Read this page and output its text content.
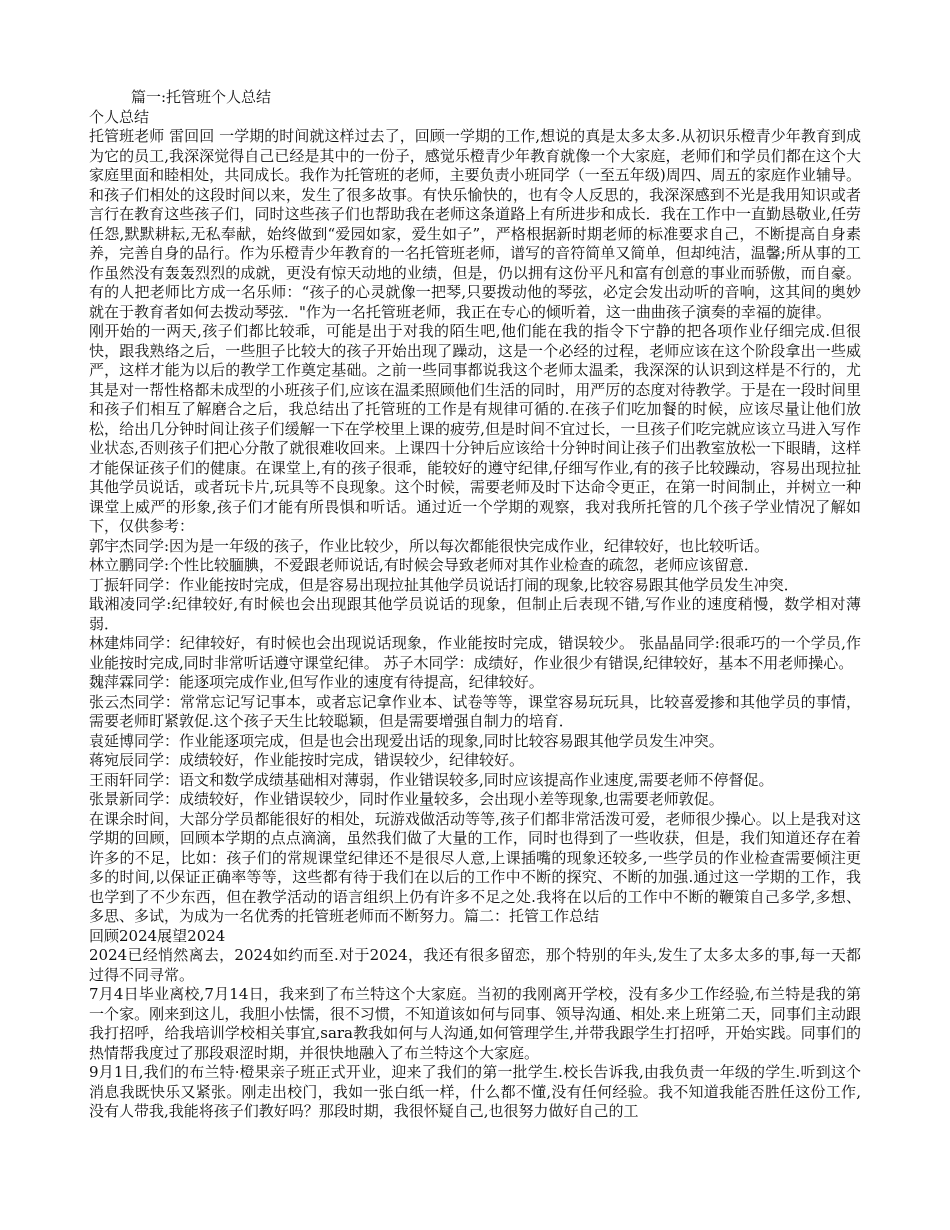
篇一:托管班个人总结

个人总结

托管班老师 雷回回 一学期的时间就这样过去了，回顾一学期的工作,想说的真是太多太多.从初识乐橙青少年教育到成为它的员工,我深深觉得自己已经是其中的一份子，感觉乐橙青少年教育就像一个大家庭，老师们和学员们都在这个大家庭里面和睦相处，共同成长。我作为托管班的老师，主要负责小班同学（一至五年级)周四、周五的家庭作业辅导。和孩子们相处的这段时间以来，发生了很多故事。有快乐愉快的，也有令人反思的，我深深感到不光是我用知识或者言行在教育这些孩子们，同时这些孩子们也帮助我在老师这条道路上有所进步和成长．我在工作中一直勤恳敬业,任劳任怨,默默耕耘,无私奉献，始终做到“爱园如家，爱生如子”，严格根据新时期老师的标准要求自己，不断提高自身素养，完善自身的品行。作为乐橙青少年教育的一名托管班老师，谱写的音符简单又简单，但却纯洁，温馨;所从事的工作虽然没有轰轰烈烈的成就，更没有惊天动地的业绩，但是，仍以拥有这份平凡和富有创意的事业而骄傲，而自豪。有的人把老师比方成一名乐师：“孩子的心灵就像一把琴,只要拨动他的琴弦，必定会发出动听的音响，这其间的奥妙就在于教育者如何去拨动琴弦．"作为一名托管班老师，我正在专心的倾听着，这一曲曲孩子演奏的幸福的旋律。

刚开始的一两天,孩子们都比较乖，可能是出于对我的陌生吧,他们能在我的指令下宁静的把各项作业仔细完成.但很快，跟我熟络之后，一些胆子比较大的孩子开始出现了躁动，这是一个必经的过程，老师应该在这个阶段拿出一些威严，这样才能为以后的教学工作奠定基础。之前一些同事都说我这个老师太温柔，我深深的认识到这样是不行的，尤其是对一帮性格都未成型的小班孩子们,应该在温柔照顾他们生活的同时，用严厉的态度对待教学。于是在一段时间里和孩子们相互了解磨合之后，我总结出了托管班的工作是有规律可循的.在孩子们吃加餐的时候，应该尽量让他们放松，给出几分钟时间让孩子们缓解一下在学校里上课的疲劳,但是时间不宜过长，一旦孩子们吃完就应该立马进入写作业状态,否则孩子们把心分散了就很难收回来。上课四十分钟后应该给十分钟时间让孩子们出教室放松一下眼睛，这样才能保证孩子们的健康。在课堂上,有的孩子很乖，能较好的遵守纪律,仔细写作业,有的孩子比较躁动，容易出现拉扯其他学员说话，或者玩卡片,玩具等不良现象。这个时候，需要老师及时下达命令更正，在第一时间制止，并树立一种课堂上威严的形象,孩子们才能有所畏惧和听话。通过近一个学期的观察，我对我所托管的几个孩子学业情况了解如下，仅供参考：

郭宇杰同学:因为是一年级的孩子，作业比较少，所以每次都能很快完成作业，纪律较好，也比较听话。

林立鹏同学:个性比较腼腆，不爱跟老师说话,有时候会导致老师对其作业检查的疏忽，老师应该留意．

丁振轩同学：作业能按时完成，但是容易出现拉扯其他学员说话打闹的现象,比较容易跟其他学员发生冲突．

戢湘凌同学:纪律较好,有时候也会出现跟其他学员说话的现象，但制止后表现不错,写作业的速度稍慢，数学相对薄弱．

林建炜同学：纪律较好，有时候也会出现说话现象，作业能按时完成，错误较少。 张晶晶同学:很乖巧的一个学员,作业能按时完成,同时非常听话遵守课堂纪律。 苏子木同学：成绩好，作业很少有错误,纪律较好，基本不用老师操心。

魏萍霖同学：能逐项完成作业,但写作业的速度有待提高，纪律较好。

张云杰同学：常常忘记写记事本，或者忘记拿作业本、试卷等等，课堂容易玩玩具，比较喜爱掺和其他学员的事情，需要老师盯紧敦促.这个孩子天生比较聪颖，但是需要增强自制力的培育．

袁延博同学：作业能逐项完成，但是也会出现爱出话的现象,同时比较容易跟其他学员发生冲突。

蒋宛辰同学：成绩较好，作业能按时完成，错误较少，纪律较好。

王雨轩同学：语文和数学成绩基础相对薄弱，作业错误较多,同时应该提高作业速度,需要老师不停督促。

张景新同学：成绩较好，作业错误较少，同时作业量较多，会出现小差等现象,也需要老师敦促。

在课余时间，大部分学员都能很好的相处，玩游戏做活动等等,孩子们都非常活泼可爱，老师很少操心。以上是我对这学期的回顾，回顾本学期的点点滴滴，虽然我们做了大量的工作，同时也得到了一些收获，但是，我们知道还存在着许多的不足，比如：孩子们的常规课堂纪律还不是很尽人意,上课插嘴的现象还较多,一些学员的作业检查需要倾注更多的时间,以保证正确率等等，这些都有待于我们在以后的工作中不断的探究、不断的加强.通过这一学期的工作，我也学到了不少东西，但在教学活动的语言组织上仍有许多不足之处.我将在以后的工作中不断的鞭策自己多学,多想、多思、多试，为成为一名优秀的托管班老师而不断努力。篇二：托管工作总结

回顾2024展望2024

2024已经悄然离去，2024如约而至.对于2024，我还有很多留恋，那个特别的年头,发生了太多太多的事,每一天都过得不同寻常。

7月4日毕业离校,7月14日，我来到了布兰特这个大家庭。当初的我刚离开学校，没有多少工作经验,布兰特是我的第一个家。刚来到这儿，我胆小怯懦，很不习惯，不知道该如何与同事、领导沟通、相处.来上班第二天，同事们主动跟我打招呼，给我培训学校相关事宜,sara教我如何与人沟通,如何管理学生,并带我跟学生打招呼，开始实践。同事们的热情帮我度过了那段艰涩时期，并很快地融入了布兰特这个大家庭。

9月1日,我们的布兰特·橙果亲子班正式开业，迎来了我们的第一批学生.校长告诉我,由我负责一年级的学生.听到这个消息我既快乐又紧张。刚走出校门，我如一张白纸一样，什么都不懂,没有任何经验。我不知道我能否胜任这份工作,没有人带我,我能将孩子们教好吗？那段时期，我很怀疑自己,也很努力做好自己的工
